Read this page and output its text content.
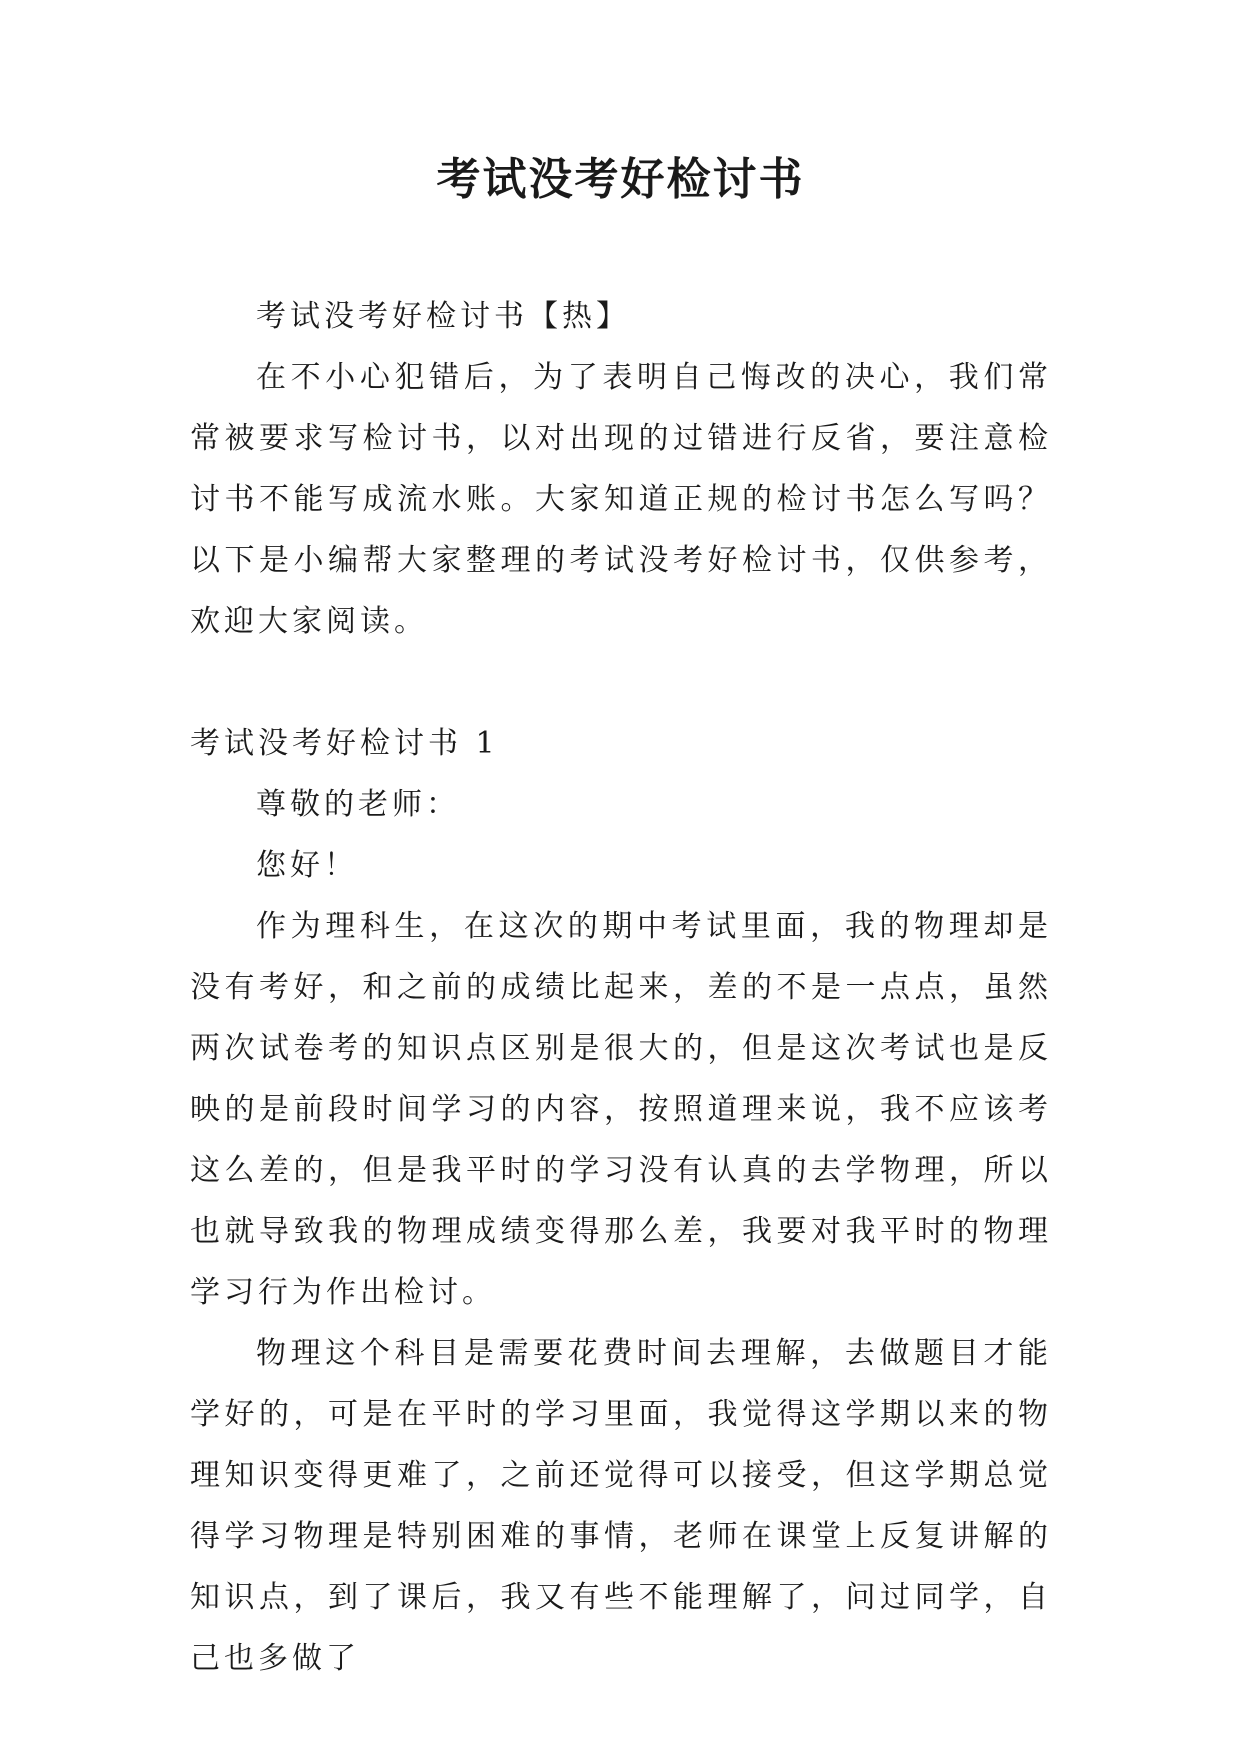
考试没考好检讨书

考试没考好检讨书【热】

在不小心犯错后，为了表明自己悔改的决心，我们常常被要求写检讨书，以对出现的过错进行反省，要注意检讨书不能写成流水账。大家知道正规的检讨书怎么写吗？以下是小编帮大家整理的考试没考好检讨书，仅供参考，欢迎大家阅读。

考试没考好检讨书 1

尊敬的老师：

您好！

作为理科生，在这次的期中考试里面，我的物理却是没有考好，和之前的成绩比起来，差的不是一点点，虽然两次试卷考的知识点区别是很大的，但是这次考试也是反映的是前段时间学习的内容，按照道理来说，我不应该考这么差的，但是我平时的学习没有认真的去学物理，所以也就导致我的物理成绩变得那么差，我要对我平时的物理学习行为作出检讨。

物理这个科目是需要花费时间去理解，去做题目才能学好的，可是在平时的学习里面，我觉得这学期以来的物理知识变得更难了，之前还觉得可以接受，但这学期总觉得学习物理是特别困难的事情，老师在课堂上反复讲解的知识点，到了课后，我又有些不能理解了，问过同学，自己也多做了
